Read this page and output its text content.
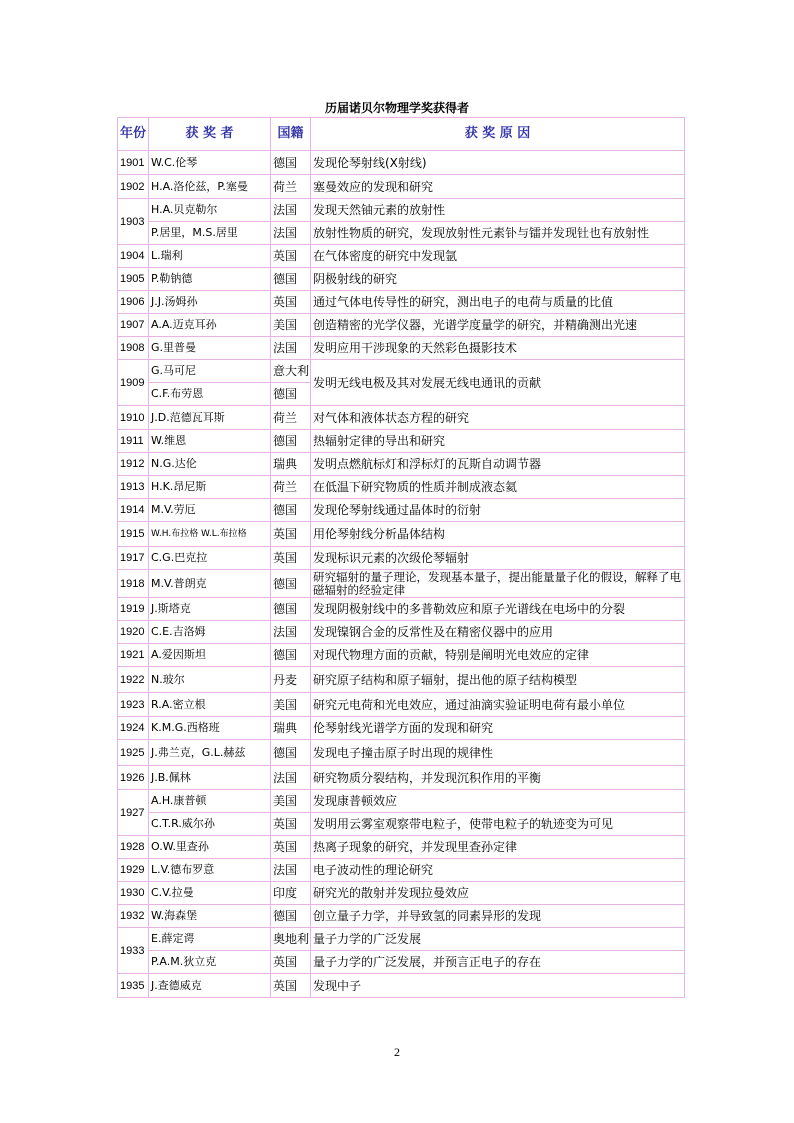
历届诺贝尔物理学奖获得者
年份	获 奖 者	国籍	获 奖 原 因
1901	W.C.伦琴	德国	发现伦琴射线(X射线)
1902	H.A.洛伦兹，P.塞曼	荷兰	塞曼效应的发现和研究
1903	H.A.贝克勒尔	法国	发现天然铀元素的放射性
	P.居里，M.S.居里	法国	放射性物质的研究，发现放射性元素钋与镭并发现钍也有放射性
1904	L.瑞利	英国	在气体密度的研究中发现氩
1905	P.勒钠德	德国	阴极射线的研究
1906	J.J.汤姆孙	英国	通过气体电传导性的研究，测出电子的电荷与质量的比值
1907	A.A.迈克耳孙	美国	创造精密的光学仪器，光谱学度量学的研究，并精确测出光速
1908	G.里普曼	法国	发明应用干涉现象的天然彩色摄影技术
1909	G.马可尼	意大利	发明无线电极及其对发展无线电通讯的贡献
	C.F.布劳恩	德国	
1910	J.D.范德瓦耳斯	荷兰	对气体和液体状态方程的研究
1911	W.维恩	德国	热辐射定律的导出和研究
1912	N.G.达伦	瑞典	发明点燃航标灯和浮标灯的瓦斯自动调节器
1913	H.K.昂尼斯	荷兰	在低温下研究物质的性质并制成液态氦
1914	M.V.劳厄	德国	发现伦琴射线通过晶体时的衍射
1915	W.H.布拉格 W.L.布拉格	英国	用伦琴射线分析晶体结构
1917	C.G.巴克拉	英国	发现标识元素的次级伦琴辐射
1918	M.V.普朗克	德国	研究辐射的量子理论，发现基本量子，提出能量量子化的假设，解释了电磁辐射的经验定律
1919	J.斯塔克	德国	发现阴极射线中的多普勒效应和原子光谱线在电场中的分裂
1920	C.E.吉洛姆	法国	发现镍钢合金的反常性及在精密仪器中的应用
1921	A.爱因斯坦	德国	对现代物理方面的贡献，特别是阐明光电效应的定律
1922	N.玻尔	丹麦	研究原子结构和原子辐射，提出他的原子结构模型
1923	R.A.密立根	美国	研究元电荷和光电效应，通过油滴实验证明电荷有最小单位
1924	K.M.G.西格班	瑞典	伦琴射线光谱学方面的发现和研究
1925	J.弗兰克，G.L.赫兹	德国	发现电子撞击原子时出现的规律性
1926	J.B.佩林	法国	研究物质分裂结构，并发现沉积作用的平衡
1927	A.H.康普顿	美国	发现康普顿效应
	C.T.R.威尔孙	英国	发明用云雾室观察带电粒子，使带电粒子的轨迹变为可见
1928	O.W.里查孙	英国	热离子现象的研究，并发现里查孙定律
1929	L.V.德布罗意	法国	电子波动性的理论研究
1930	C.V.拉曼	印度	研究光的散射并发现拉曼效应
1932	W.海森堡	德国	创立量子力学，并导致氢的同素异形的发现
1933	E.薛定谔	奥地利	量子力学的广泛发展
	P.A.M.狄立克	英国	量子力学的广泛发展，并预言正电子的存在
1935	J.查德威克	英国	发现中子
2
